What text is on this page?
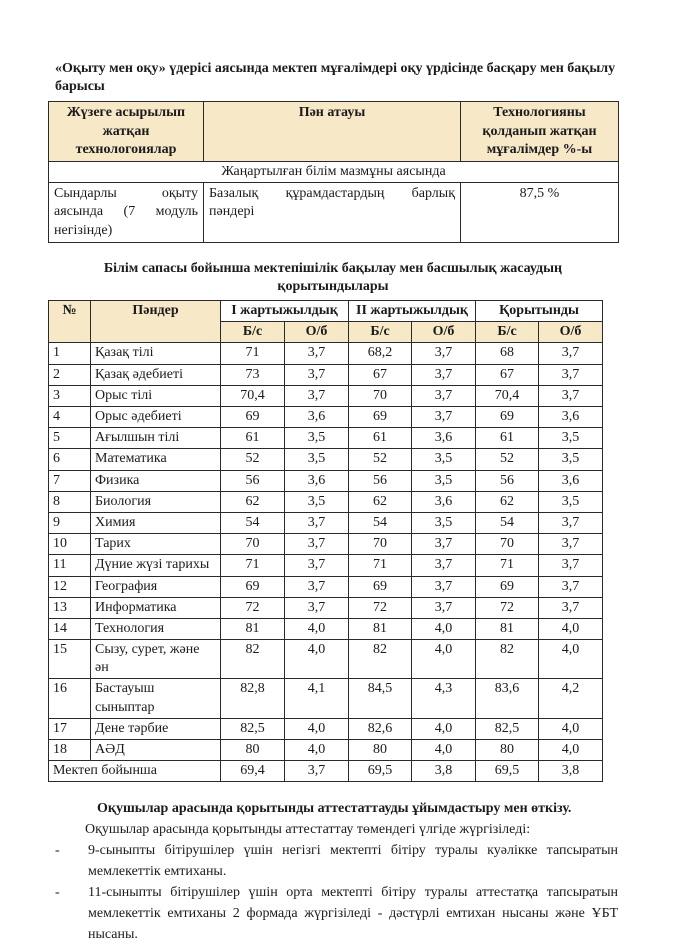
«Оқыту мен оқу» үдерісі аясында мектеп мұғалімдері оқу үрдісінде басқару мен бақылу барысы

Жүзеге асырылып жатқан технологоиялар	Пән атауы	Технологияны қолданып жатқан мұғалімдер %-ы
Жаңартылған білім мазмұны аясында		
Сындарлы оқыту аясында (7 модуль негізінде)	Базалық құрамдастардың барлық пәндері	87,5 %

Білім сапасы бойынша мектепішілік бақылау мен басшылық жасаудың қорытындылары

№	Пәндер	I жартыжылдық		II жартыжылдық		Қорытынды	
		Б/с	О/б	Б/с	О/б	Б/с	О/б
1	Қазақ тілі	71	3,7	68,2	3,7	68	3,7
2	Қазақ әдебиеті	73	3,7	67	3,7	67	3,7
3	Орыс тілі	70,4	3,7	70	3,7	70,4	3,7
4	Орыс әдебиеті	69	3,6	69	3,7	69	3,6
5	Ағылшын тілі	61	3,5	61	3,6	61	3,5
6	Математика	52	3,5	52	3,5	52	3,5
7	Физика	56	3,6	56	3,5	56	3,6
8	Биология	62	3,5	62	3,6	62	3,5
9	Химия	54	3,7	54	3,5	54	3,7
10	Тарих	70	3,7	70	3,7	70	3,7
11	Дүние жүзі тарихы	71	3,7	71	3,7	71	3,7
12	География	69	3,7	69	3,7	69	3,7
13	Информатика	72	3,7	72	3,7	72	3,7
14	Технология	81	4,0	81	4,0	81	4,0
15	Сызу, сурет, және ән	82	4,0	82	4,0	82	4,0
16	Бастауыш сыныптар	82,8	4,1	84,5	4,3	83,6	4,2
17	Дене тәрбие	82,5	4,0	82,6	4,0	82,5	4,0
18	АӘД	80	4,0	80	4,0	80	4,0
Мектеп бойынша		69,4	3,7	69,5	3,8	69,5	3,8

Оқушылар арасында қорытынды аттестаттауды ұйымдастыру мен өткізу.

Оқушылар арасында қорытынды аттестаттау төмендегі үлгіде жүргізіледі:

-	9-сыныпты бітірушілер үшін негізгі мектепті бітіру туралы куәлікке тапсыратын мемлекеттік емтиханы.
-	11-сыныпты бітірушілер үшін орта мектепті бітіру туралы аттестатқа тапсыратын мемлекеттік емтиханы 2 формада жүргізіледі - дәстүрлі емтихан нысаны және ҰБТ нысаны.
